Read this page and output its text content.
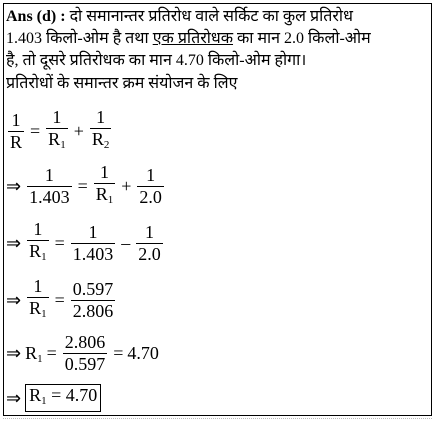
Ans (d) : दो समानान्तर प्रतिरोध वाले सर्किट का कुल प्रतिरोध
1.403 किलो-ओम है तथा एक प्रतिरोधक का मान 2.0 किलो-ओम
है, तो दूसरे प्रतिरोधक का मान 4.70 किलो-ओम होगा।
प्रतिरोधों के समान्तर क्रम संयोजन के लिए
$\frac{1}{R} = \frac{1}{R_1} + \frac{1}{R_2}$
⇒ $\frac{1}{1.403} = \frac{1}{R_1} + \frac{1}{2.0}$
⇒ $\frac{1}{R_1} = \frac{1}{1.403} - \frac{1}{2.0}$
⇒ $\frac{1}{R_1} = \frac{0.597}{2.806}$
⇒ $R_1 = \frac{2.806}{0.597} = 4.70$
⇒ $R_1 = 4.70$
